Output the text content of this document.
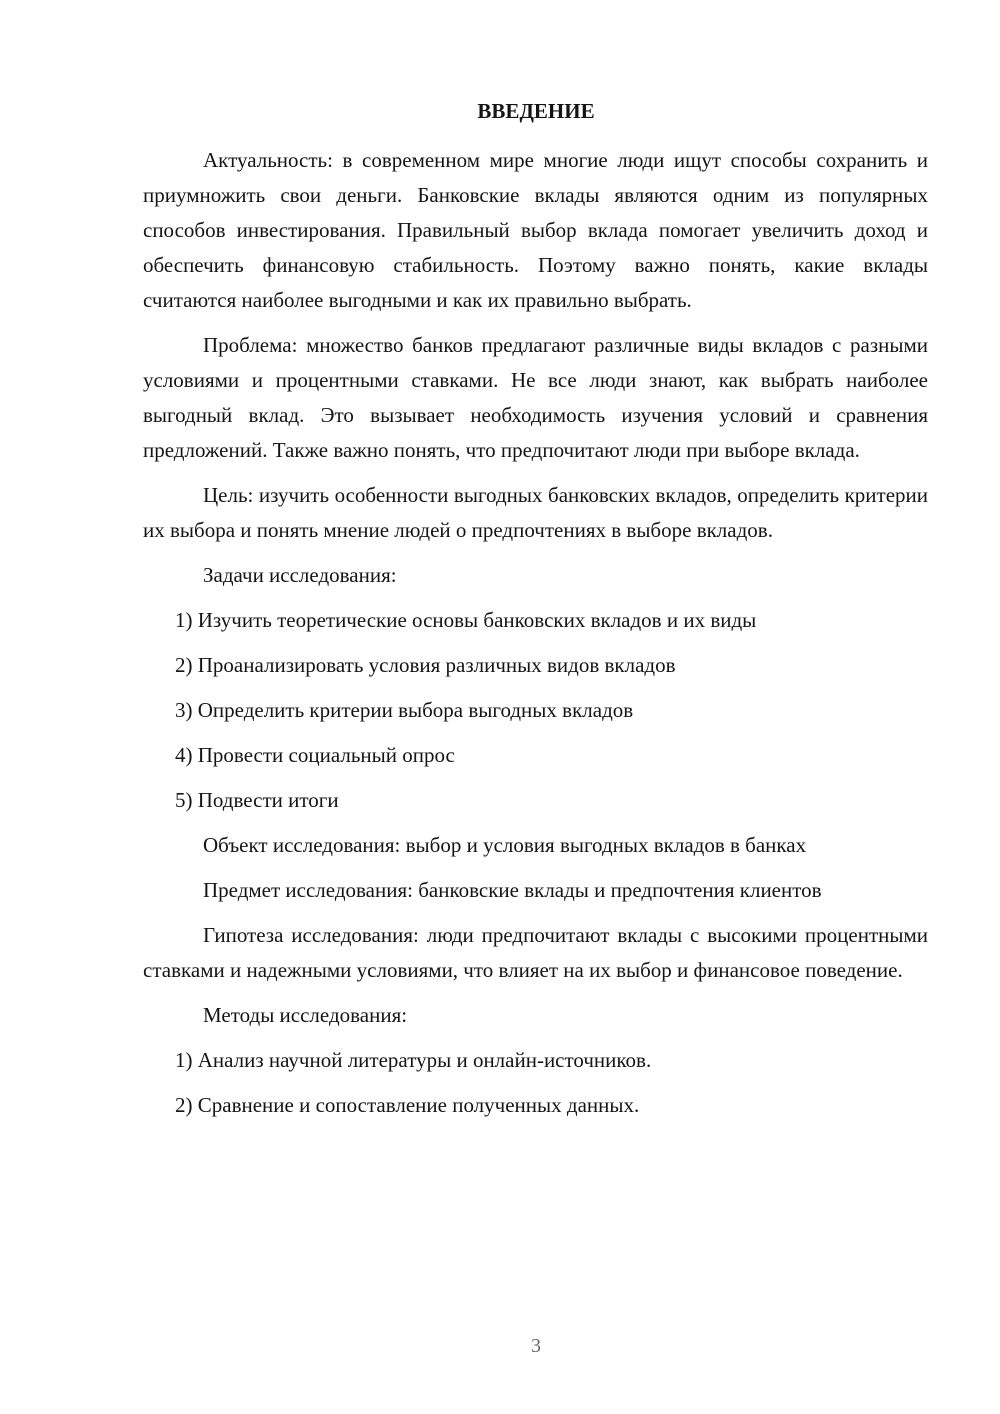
ВВЕДЕНИЕ

Актуальность: в современном мире многие люди ищут способы сохранить и приумножить свои деньги. Банковские вклады являются одним из популярных способов инвестирования. Правильный выбор вклада помогает увеличить доход и обеспечить финансовую стабильность. Поэтому важно понять, какие вклады считаются наиболее выгодными и как их правильно выбрать.

Проблема: множество банков предлагают различные виды вкладов с разными условиями и процентными ставками. Не все люди знают, как выбрать наиболее выгодный вклад. Это вызывает необходимость изучения условий и сравнения предложений. Также важно понять, что предпочитают люди при выборе вклада.

Цель: изучить особенности выгодных банковских вкладов, определить критерии их выбора и понять мнение людей о предпочтениях в выборе вкладов.

Задачи исследования:

1) Изучить теоретические основы банковских вкладов и их виды

2) Проанализировать условия различных видов вкладов

3) Определить критерии выбора выгодных вкладов

4) Провести социальный опрос

5) Подвести итоги

Объект исследования: выбор и условия выгодных вкладов в банках

Предмет исследования: банковские вклады и предпочтения клиентов

Гипотеза исследования: люди предпочитают вклады с высокими процентными ставками и надежными условиями, что влияет на их выбор и финансовое поведение.

Методы исследования:

1) Анализ научной литературы и онлайн-источников.

2) Сравнение и сопоставление полученных данных.

3
